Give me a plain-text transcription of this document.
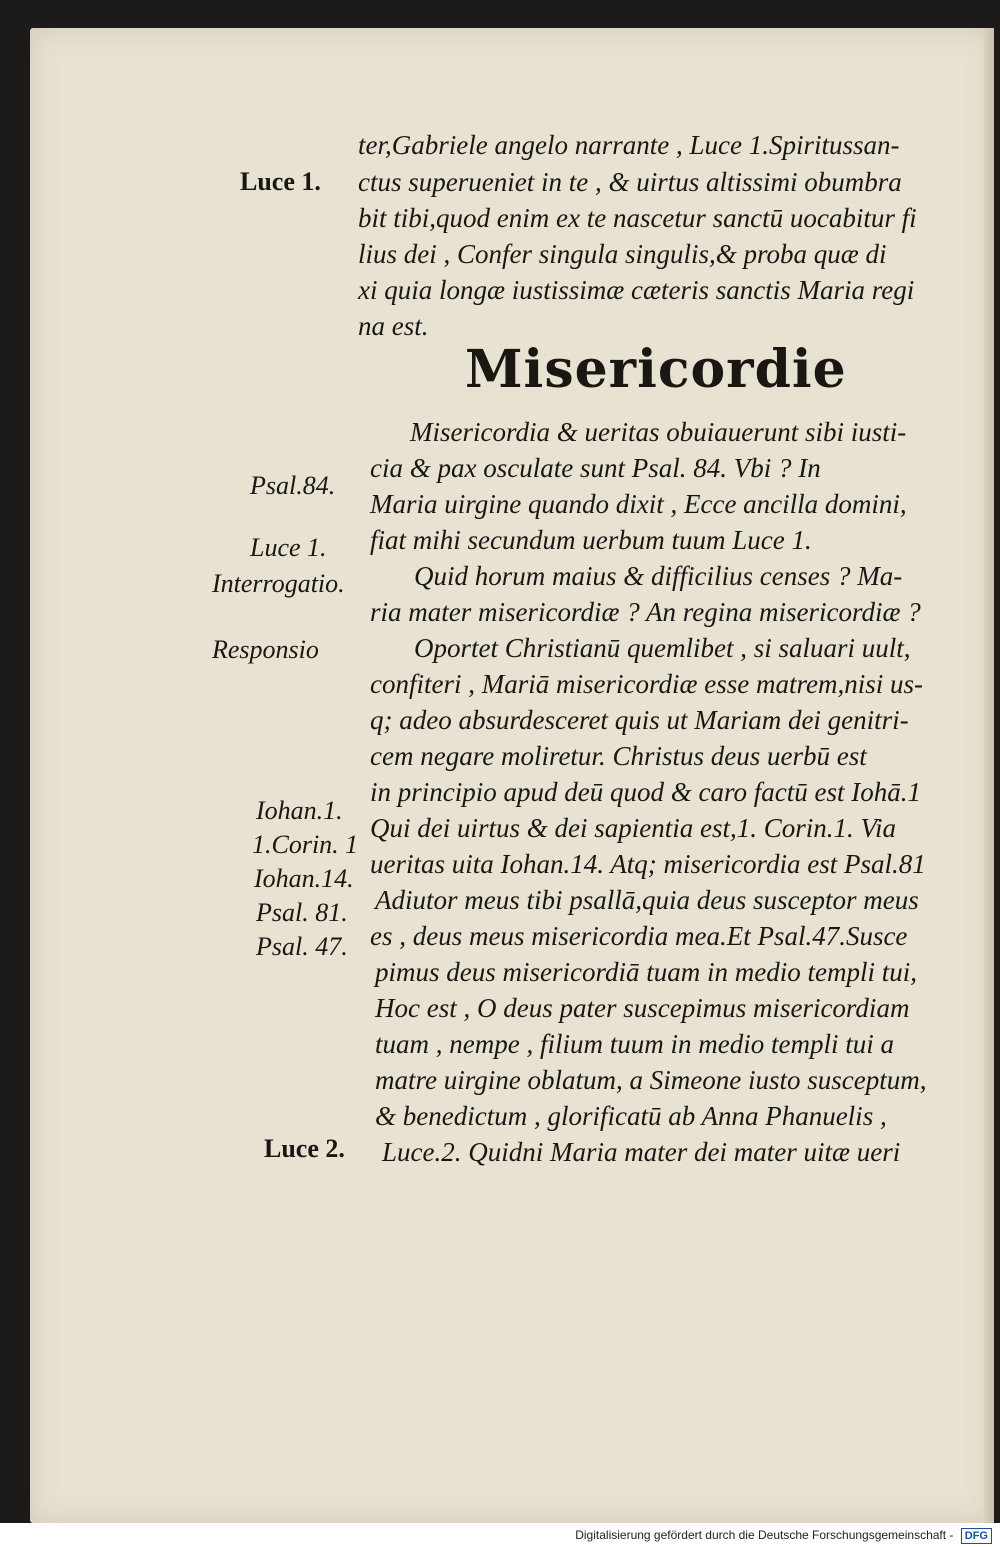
ter,Gabriele angelo narrante , Luce 1.Spiritussan-
ctus superueniet in te , & uirtus altissimi obumbra
bit tibi,quod enim ex te nascetur sanctū uocabitur fi
lius dei , Confer singula singulis,& proba quæ di
xi quia longæ iustissimæ cæteris sanctis Maria regi
na est.
Misericordie
Misericordia & ueritas obuiauerunt sibi iusti-
cia & pax osculate sunt Psal. 84. Vbi ? In
Maria uirgine quando dixit , Ecce ancilla domini,
fiat mihi secundum uerbum tuum Luce 1.
Quid horum maius & difficilius censes ? Ma-
ria mater misericordiæ ? An regina misericordiæ ?
Oportet Christianū quemlibet , si saluari uult,
confiteri , Mariā misericordiæ esse matrem,nisi us-
q; adeo absurdesceret quis ut Mariam dei genitri-
cem negare moliretur. Christus deus uerbū est
in principio apud deū quod & caro factū est Iohā.1
Qui dei uirtus & dei sapientia est,1. Corin.1. Via
ueritas uita Iohan.14. Atq; misericordia est Psal.81
Adiutor meus tibi psallā,quia deus susceptor meus
es , deus meus misericordia mea.Et Psal.47.Susce
pimus deus misericordiā tuam in medio templi tui,
Hoc est , O deus pater suscepimus misericordiam
tuam , nempe , filium tuum in medio templi tui a
matre uirgine oblatum, a Simeone iusto susceptum,
& benedictum , glorificatū ab Anna Phanuelis ,
Luce.2. Quidni Maria mater dei mater uitæ ueri
Luce 1.
Psal.84.
Luce 1.
Interrogatio.
Responsio
Iohan.1.
1.Corin. 1
Iohan.14.
Psal. 81.
Psal. 47.
Luce 2.
Digitalisierung gefördert durch die Deutsche Forschungsgemeinschaft - DFG
